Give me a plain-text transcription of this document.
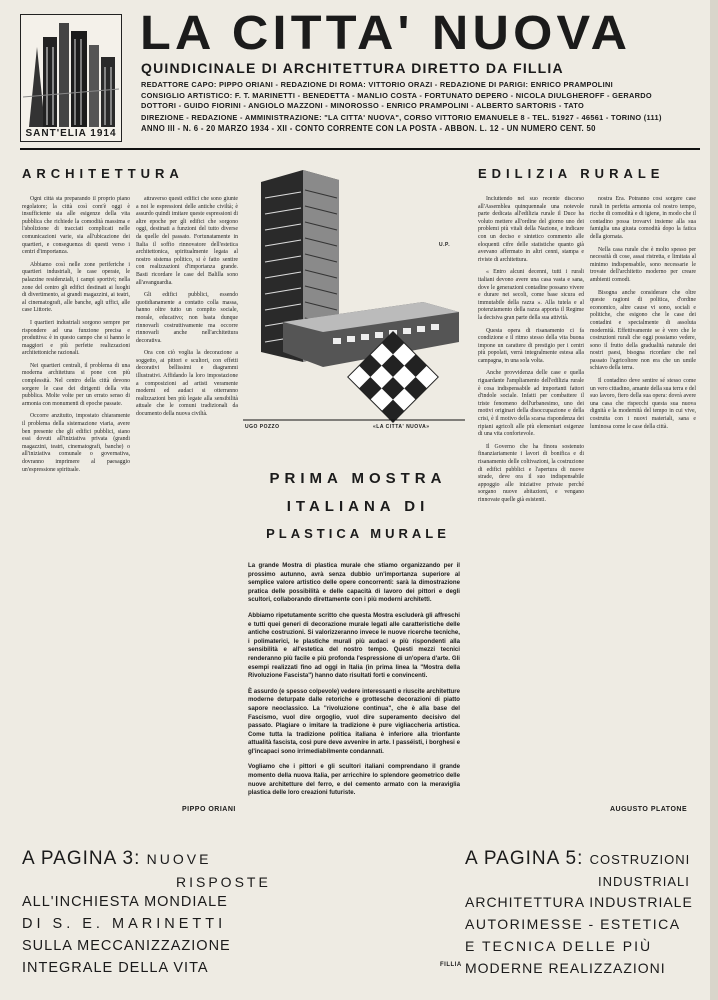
SANT'ELIA 1914
LA CITTA' NUOVA
QUINDICINALE DI ARCHITETTURA DIRETTO DA FILLIA
REDATTORE CAPO: PIPPO ORIANI - REDAZIONE DI ROMA: VITTORIO ORAZI - REDAZIONE DI PARIGI: ENRICO PRAMPOLINI
CONSIGLIO ARTISTICO: F. T. MARINETTI - BENEDETTA - MANLIO COSTA - FORTUNATO DEPERO - NICOLA DIULGHEROFF - GERARDO
DOTTORI - GUIDO FIORINI - ANGIOLO MAZZONI - MINOROSSO - ENRICO PRAMPOLINI - ALBERTO SARTORIS - TATO
DIREZIONE - REDAZIONE - AMMINISTRAZIONE: "LA CITTA' NUOVA", CORSO VITTORIO EMANUELE 8 - TEL. 51927 - 46561 - TORINO (111)
ANNO III - N. 6 - 20 MARZO 1934 - XII - CONTO CORRENTE CON LA POSTA - ABBON. L. 12 - UN NUMERO CENT. 50
ARCHITETTURA

Ogni città sta preparando il proprio piano regolatore; la città così com'è oggi è insufficiente sia alle esigenze della vita pubblica che richiede la comodità massima e l'abolizione di tracciati complicati nelle comunicazioni varie, sia all'ubicazione dei quartieri, e conseguenza di questi verso i centri d'importanza.

Abbiamo così nelle zone periferiche i quartieri industriali, le case operaie, le palazzine residenziali, i campi sportivi; nella zone del centro gli edifici destinati ai luoghi di divertimento, ai grandi magazzini, ai teatri, al cinematografi, alle banche, agli uffici, alle case Littorie.

I quartieri industriali sorgono sempre per rispondere ad una funzione precisa e produttiva: è in questo campo che si hanno le maggiori e più perfette realizzazioni architettoniche razionali.

Nei quartieri centrali, il problema di una moderna architettura si pone con più complessità. Nel centro della città devono sorgere le case dei dirigenti della vita pubblica. Molte volte per un errato senso di armonia con monumenti di epoche passate.

Occorre anzitutto, impostato chiaramente il problema della sistemazione viaria, avere ben presente che gli edifici pubblici, siano essi dovuti all'iniziativa privata (grandi magazzini, teatri, cinematografi, banche) o all'iniziativa comunale o governativa, dovranno imprimere al paesaggio un'espressione spirituale.

attraverso questi edifici che sono giunte a noi le espressioni delle antiche civiltà; è assurdo quindi imitare queste espressioni di altre epoche per gli edifici che sorgono oggi, destinati a funzioni del tutto diverse da quelle del passato. Fortunatamente in Italia il soffio rinnovatore dell'estetica architettonica, spiritualmente legata al nostro sistema politico, si è fatto sentire con realizzazioni d'importanza grande. Basti ricordare le case del Balilla sono all'avanguardia.

Gli edifici pubblici, essendo quotidianamente a contatto colla massa, hanno oltre tutto un compito sociale, morale, educativo; non basta dunque rinnovarli costruttivamente ma occorre rinnovarli anche nell'architettura decorativa.

Ora con ciò voglia la decorazione a soggetto, ai pittori e scultori, con effetti decorativi bellissimi e diagrammi illustrativi. Affidando la loro impostazione a composizioni ad artisti veramente moderni ed audaci si otterranno realizzazioni ben più legate alla sensibilità attuale che le comuni tradizionali da documento della nuova civiltà.

PIPPO ORIANI
U.P.
UGO POZZO	«LA CITTA' NUOVA»
PRIMA MOSTRA
ITALIANA DI
PLASTICA MURALE

La grande Mostra di plastica murale che stiamo organizzando per il prossimo autunno, avrà senza dubbio un'importanza superiore al semplice valore artistico delle opere concorrenti: sarà la dimostrazione pratica delle possibilità e delle capacità di lavoro dei pittori e degli scultori, collaborando direttamente con i più moderni architetti.

Abbiamo ripetutamente scritto che questa Mostra escluderà gli affreschi e tutti quei generi di decorazione murale legati alle caratteristiche delle antiche costruzioni. Si valorizzeranno invece le nuove ricerche tecniche, i polimaterici, le plastiche murali più audaci e più rispondenti alla sensibilità e all'estetica del nostro tempo. Questi mezzi tecnici renderanno più facile e più profonda l'espressione di un'opera d'arte. Gli esempi realizzati fino ad oggi in Italia (in prima linea la "Mostra della Rivoluzione Fascista") hanno dato risultati forti e convincenti.

È assurdo (e spesso colpevole) vedere interessanti e riuscite architetture moderne deturpate dalle retoriche e grottesche decorazioni di piatto sapore neoclassico. La "rivoluzione continua", che è alla base del Fascismo, vuol dire orgoglio, vuol dire superamento decisivo del passato. Plagiare o imitare la tradizione è pure vigliaccheria artistica. Come tutta la tradizione politica italiana è inferiore alla trionfante attualità fascista, così pure deve avvenire in arte. I passéisti, i borghesi e gl'incapaci sono irrimediabilmente condannati.

Vogliamo che i pittori e gli scultori italiani comprendano il grande momento della nuova Italia, per arricchire lo splendore geometrico delle nuove architetture del ferro, e del cemento armato con la meraviglia plastica delle loro creazioni futuriste.

FILLIA
EDILIZIA RURALE

Incluttendo nel suo recente discorso all'Assemblea quinquennale una notevole parte dedicata all'edilizia rurale il Duce ha voluto mettere all'ordine del giorno uno dei problemi più vitali della Nazione, e indicare con un deciso e sintetico commento alle eloquenti cifre delle statistiche quanto già avevano affermato in altri cenni, stampa e riviste di architettura.

« Entro alcuni decenni, tutti i rurali italiani devono avere una casa vasta e sana, dove le generazioni contadine possano vivere e durare nei secoli, come base sicura ed immutabile della razza ». Alla tutela e al potenziamento della razza apporta il Regime la decisiva gran parte della sua attività.

Questa opera di risanamento ci fa condizione e il ritmo stesso della vita buona impone un carattere di prestigio per i centri più popolati, verrà integralmente estesa alla campagna, in una sola volta.

Anche provvidenza delle case e quella riguardante l'ampliamento dell'edilizia rurale è cosa indispensabile ad importanti fattori d'indole sociale. Infatti per combattere il triste fenomeno dell'urbanesimo, uno dei motivi originari della disoccupazione e della crisi, è il motivo della scarsa rispondenza dei ripiani agricoli alle più elementari esigenze di una vita confortevole.

Il Governo che ha finora sostenuto finanziariamente i lavori di bonifica e di risanamento delle coltivazioni, la costruzione di edifici pubblici e l'apertura di nuove strade, deve ora il suo indispensabile appoggio alle iniziative private perché sorgano nuove abitazioni, e vengano rinnovate quelle già esistenti.

nostra Era. Potranno così sorgere case rurali in perfetta armonia col nostro tempo, ricche di comodità e di igiene, in modo che il contadino possa trovarvi insieme alla sua famiglia una giusta comodità dopo la fatica della giornata.

Nella casa rurale che è molto spesso per necessità di cose, assai ristretta, e limitata al minimo indispensabile, sono necessarie le trovate dell'architetto moderno per creare ambienti comodi.

Bisogna anche considerare che oltre queste ragioni di politica, d'ordine economico, altre cause vi sono, sociali e politiche, che esigono che le case dei contadini e specialmente di assoluta modernità. Effettivamente se è vero che le costruzioni rurali che oggi possiamo vedere, sono il frutto della gradualità naturale dei nostri paesi, bisogna ricordare che nel passato l'agricoltore non era che un umile schiavo della terra.

Il contadino deve sentire sé stesso come un vero cittadino, amante della sua terra e del suo lavoro, fiero della sua opera: dovrà avere una casa che rispecchi questa sua nuova dignità e la modernità del tempo in cui vive, costruita con i nuovi materiali, sana e luminosa come le case della città.

AUGUSTO PLATONE
A PAGINA 3: NUOVE
RISPOSTE
ALL'INCHIESTA MONDIALE
DI S. E. MARINETTI
SULLA MECCANIZZAZIONE
INTEGRALE DELLA VITA
A PAGINA 5: COSTRUZIONI
INDUSTRIALI
ARCHITETTURA INDUSTRIALE
AUTORIMESSE - ESTETICA
E TECNICA DELLE PIÙ
MODERNE REALIZZAZIONI
